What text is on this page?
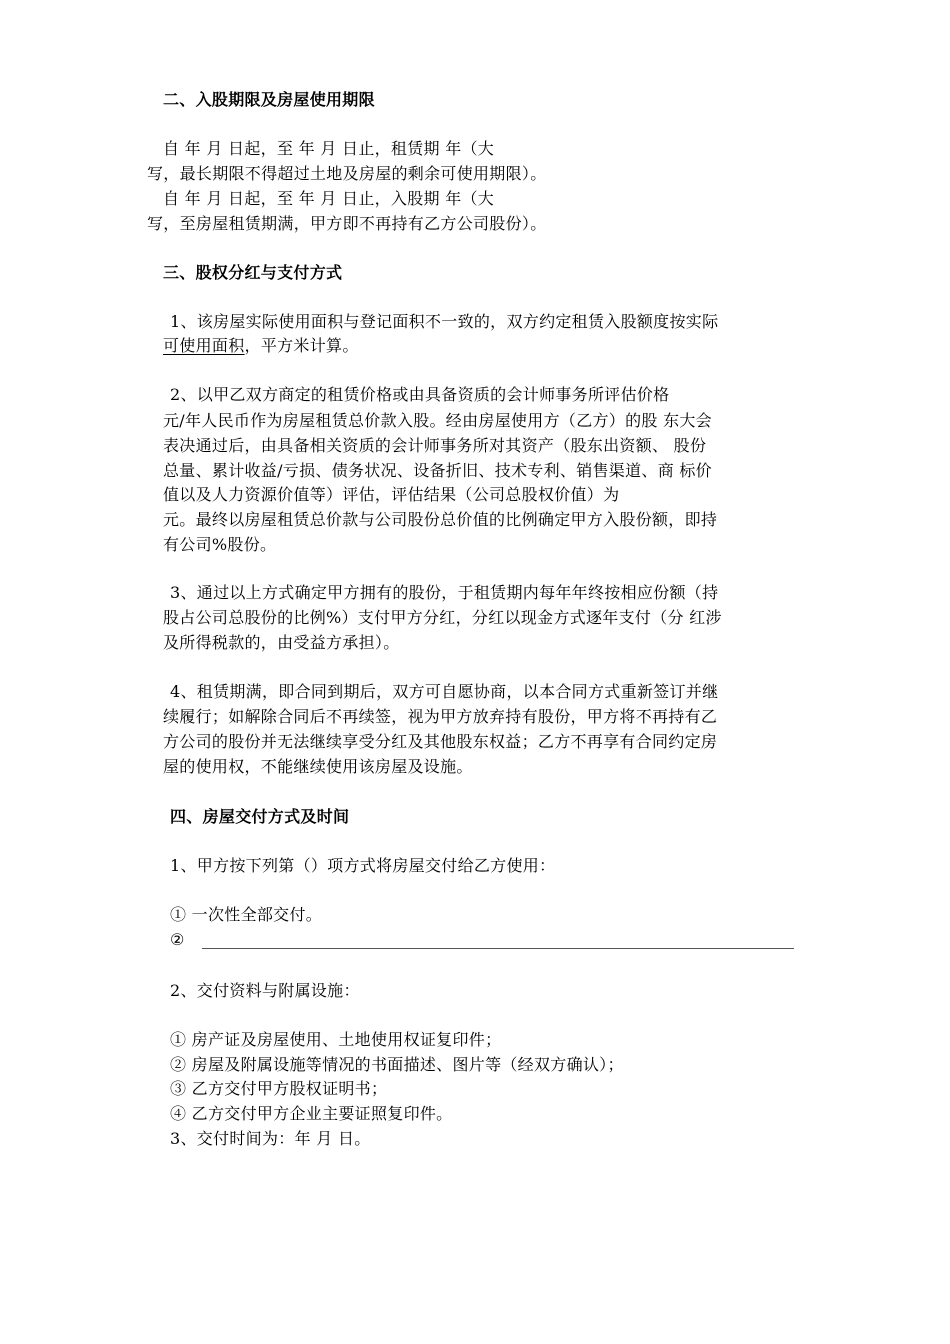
二、入股期限及房屋使用期限
自 年 月 日起，至 年 月 日止，租赁期 年（大
写，最长期限不得超过土地及房屋的剩余可使用期限）。
自 年 月 日起，至 年 月 日止，入股期 年（大
写，至房屋租赁期满，甲方即不再持有乙方公司股份）。
三、股权分红与支付方式
1、该房屋实际使用面积与登记面积不一致的，双方约定租赁入股额度按实际
可使用面积，平方米计算。
2、以甲乙双方商定的租赁价格或由具备资质的会计师事务所评估价格
元/年人民币作为房屋租赁总价款入股。经由房屋使用方（乙方）的股 东大会
表决通过后，由具备相关资质的会计师事务所对其资产（股东出资额、 股份
总量、累计收益/亏损、债务状况、设备折旧、技术专利、销售渠道、商 标价
值以及人力资源价值等）评估，评估结果（公司总股权价值）为
元。最终以房屋租赁总价款与公司股份总价值的比例确定甲方入股份额，即持
有公司%股份。
3、通过以上方式确定甲方拥有的股份，于租赁期内每年年终按相应份额（持
股占公司总股份的比例%）支付甲方分红，分红以现金方式逐年支付（分 红涉
及所得税款的，由受益方承担）。
4、租赁期满，即合同到期后，双方可自愿协商，以本合同方式重新签订并继
续履行；如解除合同后不再续签，视为甲方放弃持有股份，甲方将不再持有乙
方公司的股份并无法继续享受分红及其他股东权益；乙方不再享有合同约定房
屋的使用权，不能继续使用该房屋及设施。
四、房屋交付方式及时间
1、甲方按下列第（）项方式将房屋交付给乙方使用：
① 一次性全部交付。
②
2、交付资料与附属设施：
① 房产证及房屋使用、土地使用权证复印件；
② 房屋及附属设施等情况的书面描述、图片等（经双方确认）；
③ 乙方交付甲方股权证明书；
④ 乙方交付甲方企业主要证照复印件。
3、交付时间为：年 月 日。
